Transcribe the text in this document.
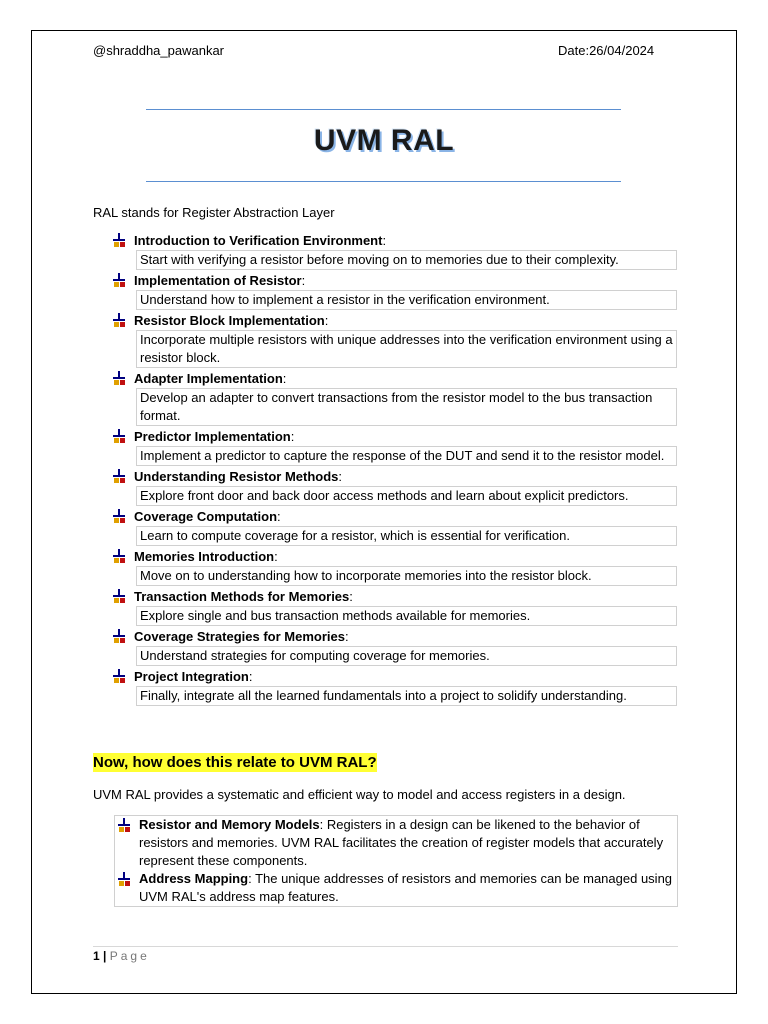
@shraddha_pawankar	Date:26/04/2024
UVM RAL
RAL stands for Register Abstraction Layer
Introduction to Verification Environment:
Start with verifying a resistor before moving on to memories due to their complexity.
Implementation of Resistor:
Understand how to implement a resistor in the verification environment.
Resistor Block Implementation:
Incorporate multiple resistors with unique addresses into the verification environment using a resistor block.
Adapter Implementation:
Develop an adapter to convert transactions from the resistor model to the bus transaction format.
Predictor Implementation:
Implement a predictor to capture the response of the DUT and send it to the resistor model.
Understanding Resistor Methods:
Explore front door and back door access methods and learn about explicit predictors.
Coverage Computation:
Learn to compute coverage for a resistor, which is essential for verification.
Memories Introduction:
Move on to understanding how to incorporate memories into the resistor block.
Transaction Methods for Memories:
Explore single and bus transaction methods available for memories.
Coverage Strategies for Memories:
Understand strategies for computing coverage for memories.
Project Integration:
Finally, integrate all the learned fundamentals into a project to solidify understanding.
Now, how does this relate to UVM RAL?
UVM RAL provides a systematic and efficient way to model and access registers in a design.
Resistor and Memory Models: Registers in a design can be likened to the behavior of resistors and memories. UVM RAL facilitates the creation of register models that accurately represent these components.
Address Mapping: The unique addresses of resistors and memories can be managed using UVM RAL's address map features.
1 | Page
